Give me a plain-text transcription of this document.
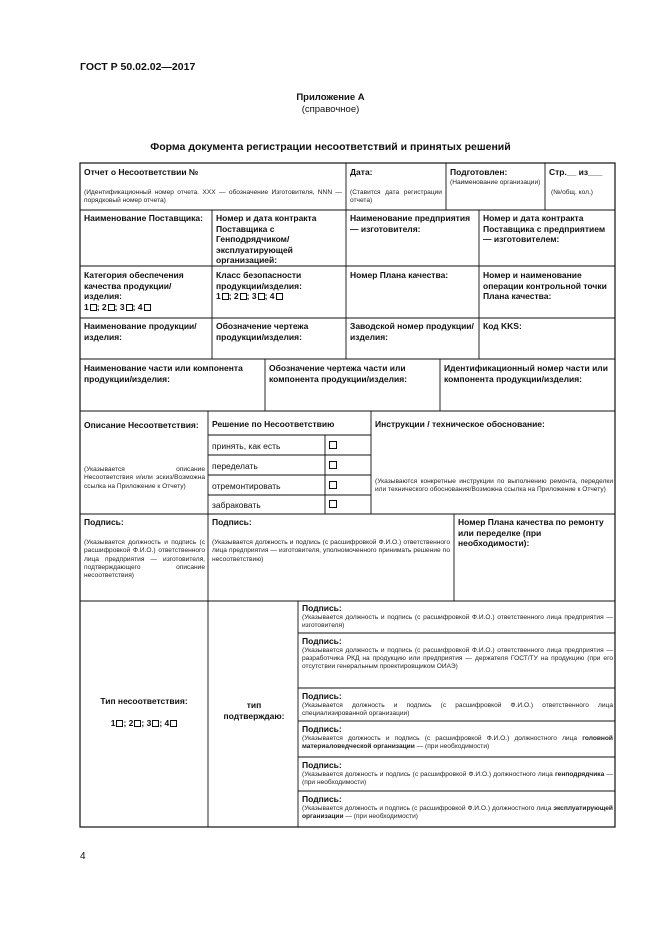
ГОСТ Р 50.02.02—2017
Приложение А
(справочное)
Форма документа регистрации несоответствий и принятых решений
Отчет о Несоответствии №
(Идентификационный номер отчета. ХХХ — обозначение Изготовителя, NNN — порядковый номер отчета)
Дата:
(Ставится дата регистрации отчета)
Подготовлен:
(Наименование организации)
Стр.__ из___
(№/общ. кол.)
Наименование Поставщика:	Номер и дата контракта Поставщика с Генподрядчиком/эксплуатирующей организацией:
Наименование предприятия — изготовителя:
Номер и дата контракта Поставщика с предприятием — изготовителем:
Категория обеспечения качества продукции/изделия:
1 ; 2 ; 3 ; 4
Класс безопасности продукции/изделия:
1 ; 2 ; 3 ; 4
Номер Плана качества:	Номер и наименование операции контрольной точки Плана качества:
Наименование продукции/изделия:
Обозначение чертежа продукции/изделия:
Заводской номер продукции/изделия:
Код KKS:
Наименование части или компонента продукции/изделия:
Обозначение чертежа части или компонента продукции/изделия:
Идентификационный номер части или компонента продукции/изделия:
Описание Несоответствия:
(Указывается описание Несоответствия и/или эскиз/Возможна ссылка на Приложение к Отчету)
Решение по Несоответствию
принять, как есть
переделать
отремонтировать
забраковать
Инструкции / техническое обоснование:
(Указываются конкретные инструкции по выполнению ремонта, переделки или технического обоснования/Возможна ссылка на Приложение к Отчету)
Подпись:
(Указывается должность и подпись (с расшифровкой Ф.И.О.) ответственного лица предприятия — изготовителя, подтверждающего описание несоответствия)
Подпись:
(Указывается должность и подпись (с расшифровкой Ф.И.О.) ответственного лица предприятия — изготовителя, уполномоченного принимать решение по несоответствию)
Номер Плана качества по ремонту или переделке (при необходимости):
Тип несоответствия:
1 ; 2 ; 3 ; 4
тип подтверждаю:
Подпись:
(Указывается должность и подпись (с расшифровкой Ф.И.О.) ответственного лица предприятия — изготовителя)
Подпись:
(Указывается должность и подпись (с расшифровкой Ф.И.О.) ответственного лица предприятия — разработчика РКД на продукцию или предприятия — держателя ГОСТ/ТУ на продукцию (при его отсутствии генеральным проектировщиком ОИАЭ)
Подпись:
(Указывается должность и подпись (с расшифровкой Ф.И.О.) ответственного лица специализированной организации)
Подпись:
(Указывается должность и подпись (с расшифровкой Ф.И.О.) должностного лица головной материаловедческой организации — (при необходимости)
Подпись:
(Указывается должность и подпись (с расшифровкой Ф.И.О.) должностного лица генподрядчика — (при необходимости)
Подпись:
(Указывается должность и подпись (с расшифровкой Ф.И.О.) должностного лица эксплуатирующей организации — (при необходимости)
4
